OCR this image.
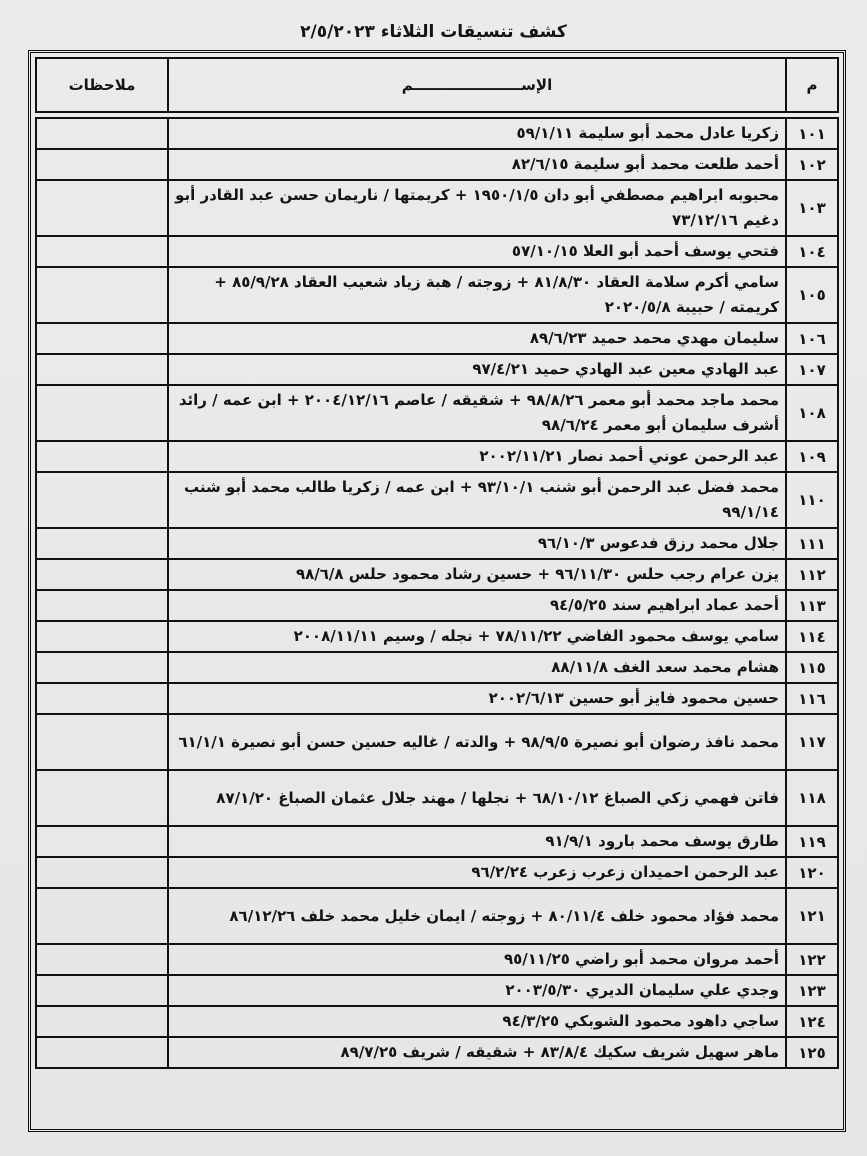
كشف تنسيقات الثلاثاء ٢/٥/٢٠٢٣
م	الإســـــــــــــــــــــم	ملاحظات

١٠١	زكريا عادل محمد أبو سليمة ٥٩/١/١١	
١٠٢	أحمد طلعت محمد أبو سليمة ٨٢/٦/١٥	
١٠٣	محبوبه ابراهيم مصطفي أبو دان ١٩٥٠/١/٥ + كريمتها / ناريمان حسن عبد القادر أبو دغيم ٧٣/١٢/١٦	
١٠٤	فتحي يوسف أحمد أبو العلا ٥٧/١٠/١٥	
١٠٥	سامي أكرم سلامة العقاد ٨١/٨/٣٠ + زوجته / هبة زياد شعيب العقاد ٨٥/٩/٢٨ + كريمته / حبيبة ٢٠٢٠/٥/٨	
١٠٦	سليمان مهدي محمد حميد ٨٩/٦/٢٣	
١٠٧	عبد الهادي معين عبد الهادي حميد ٩٧/٤/٢١	
١٠٨	محمد ماجد محمد أبو معمر ٩٨/٨/٢٦ + شقيقه / عاصم ٢٠٠٤/١٢/١٦ + ابن عمه / رائد أشرف سليمان أبو معمر ٩٨/٦/٢٤	
١٠٩	عبد الرحمن عوني أحمد نصار ٢٠٠٢/١١/٢١	
١١٠	محمد فضل عبد الرحمن أبو شنب ٩٣/١٠/١ + ابن عمه / زكريا طالب محمد أبو شنب ٩٩/١/١٤	
١١١	جلال محمد رزق فدعوس ٩٦/١٠/٣	
١١٢	يزن عرام رجب حلس ٩٦/١١/٣٠ + حسين رشاد محمود حلس ٩٨/٦/٨	
١١٣	أحمد عماد ابراهيم سند ٩٤/٥/٢٥	
١١٤	سامي يوسف محمود الفاضي ٧٨/١١/٢٢ + نجله / وسيم ٢٠٠٨/١١/١١	
١١٥	هشام محمد سعد الغف ٨٨/١١/٨	
١١٦	حسين محمود فايز أبو حسين ٢٠٠٢/٦/١٣	
١١٧	محمد نافذ رضوان أبو نصيرة ٩٨/٩/٥ + والدته / غاليه حسين حسن أبو نصيرة ٦١/١/١	
١١٨	فاتن فهمي زكي الصباغ ٦٨/١٠/١٢ + نجلها / مهند جلال عثمان الصباغ ٨٧/١/٢٠	
١١٩	طارق يوسف محمد بارود ٩١/٩/١	
١٢٠	عبد الرحمن احميدان زعرب زعرب ٩٦/٢/٢٤	
١٢١	محمد فؤاد محمود خلف ٨٠/١١/٤ + زوجته / ايمان خليل محمد خلف ٨٦/١٢/٢٦	
١٢٢	أحمد مروان محمد أبو راضي ٩٥/١١/٢٥	
١٢٣	وجدي علي سليمان الديري ٢٠٠٣/٥/٣٠	
١٢٤	ساجي داهود محمود الشوبكي ٩٤/٣/٢٥	
١٢٥	ماهر سهيل شريف سكيك ٨٣/٨/٤ + شقيقه / شريف ٨٩/٧/٢٥	
